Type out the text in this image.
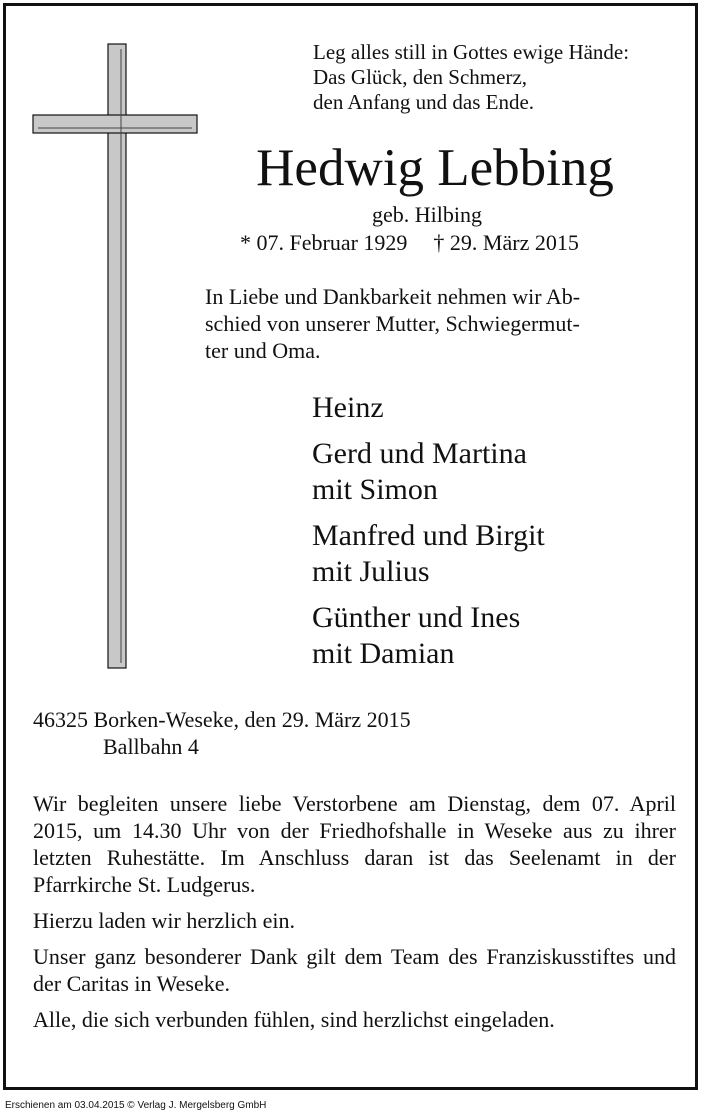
Leg alles still in Gottes ewige Hände:
Das Glück, den Schmerz,
den Anfang und das Ende.
Hedwig Lebbing
geb. Hilbing
* 07. Februar 1929 † 29. März 2015
In Liebe und Dankbarkeit nehmen wir Ab-
schied von unserer Mutter, Schwiegermut-
ter und Oma.
Heinz
Gerd und Martina
mit Simon
Manfred und Birgit
mit Julius
Günther und Ines
mit Damian
46325 Borken-Weseke, den 29. März 2015
Ballbahn 4

Wir begleiten unsere liebe Verstorbene am Dienstag, dem 07. April 2015, um 14.30 Uhr von der Friedhofshalle in Weseke aus zu ihrer letzten Ruhestätte. Im Anschluss daran ist das Seelenamt in der Pfarrkirche St. Ludgerus.

Hierzu laden wir herzlich ein.

Unser ganz besonderer Dank gilt dem Team des Franziskusstiftes und der Caritas in Weseke.

Alle, die sich verbunden fühlen, sind herzlichst eingeladen.

Erschienen am 03.04.2015 © Verlag J. Mergelsberg GmbH
